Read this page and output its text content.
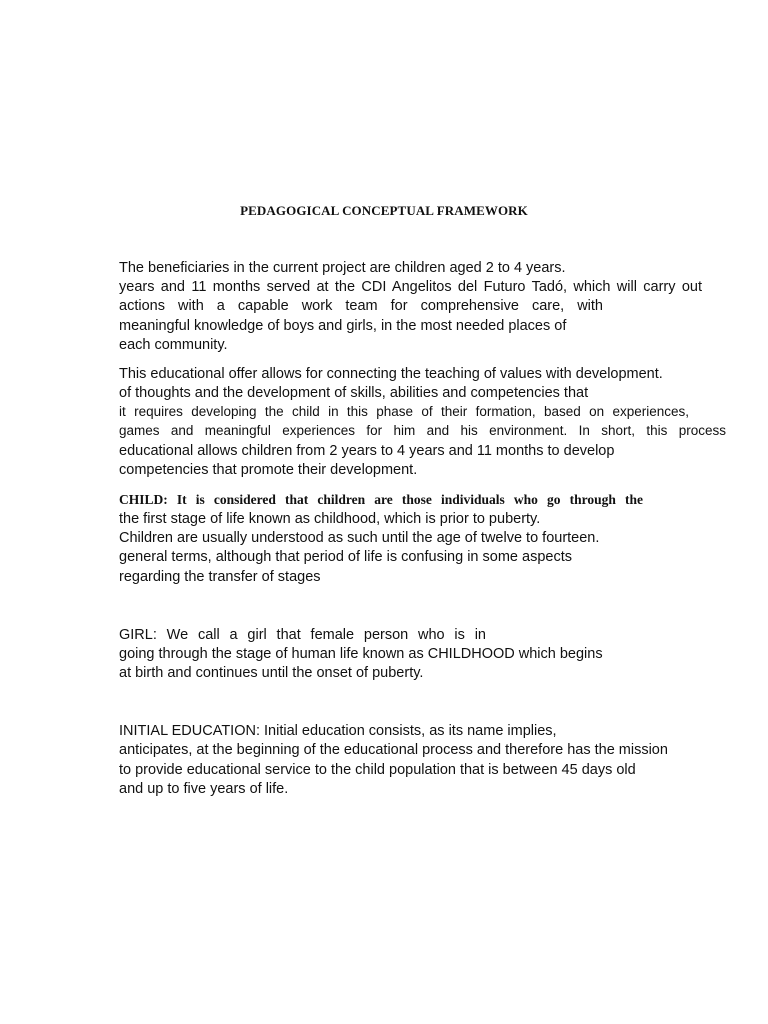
PEDAGOGICAL CONCEPTUAL FRAMEWORK
The beneficiaries in the current project are children aged 2 to 4 years.
years and 11 months served at the CDI Angelitos del Futuro Tadó, which will carry out
actions with a capable work team for comprehensive care, with
meaningful knowledge of boys and girls, in the most needed places of
each community.
This educational offer allows for connecting the teaching of values with development.
of thoughts and the development of skills, abilities and competencies that
it requires developing the child in this phase of their formation, based on experiences,
games and meaningful experiences for him and his environment. In short, this process
educational allows children from 2 years to 4 years and 11 months to develop
competencies that promote their development.
CHILD: It is considered that children are those individuals who go through the
the first stage of life known as childhood, which is prior to puberty.
Children are usually understood as such until the age of twelve to fourteen.
general terms, although that period of life is confusing in some aspects
regarding the transfer of stages
GIRL: We call a girl that female person who is in
going through the stage of human life known as CHILDHOOD which begins
at birth and continues until the onset of puberty.
INITIAL EDUCATION: Initial education consists, as its name implies,
anticipates, at the beginning of the educational process and therefore has the mission
to provide educational service to the child population that is between 45 days old
and up to five years of life.
